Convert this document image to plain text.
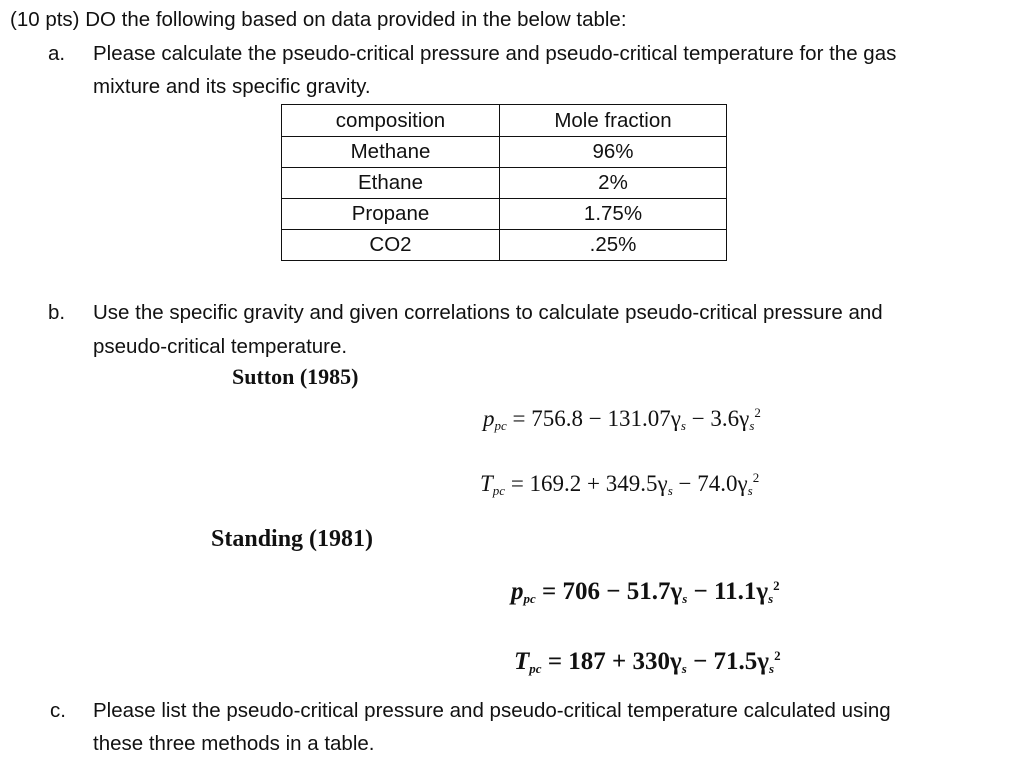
(10 pts) DO the following based on data provided in the below table:
a. Please calculate the pseudo-critical pressure and pseudo-critical temperature for the gas
mixture and its specific gravity.
composition	Mole fraction
Methane	96%
Ethane	2%
Propane	1.75%
CO2	.25%
b. Use the specific gravity and given correlations to calculate pseudo-critical pressure and
pseudo-critical temperature.
Sutton (1985)
$p_{pc} = 756.8 - 131.07\gamma_s - 3.6\gamma_s^2$
$T_{pc} = 169.2 + 349.5\gamma_s - 74.0\gamma_s^2$
Standing (1981)
$p_{pc} = 706 - 51.7\gamma_s - 11.1\gamma_s^2$
$T_{pc} = 187 + 330\gamma_s - 71.5\gamma_s^2$
c. Please list the pseudo-critical pressure and pseudo-critical temperature calculated using
these three methods in a table.
